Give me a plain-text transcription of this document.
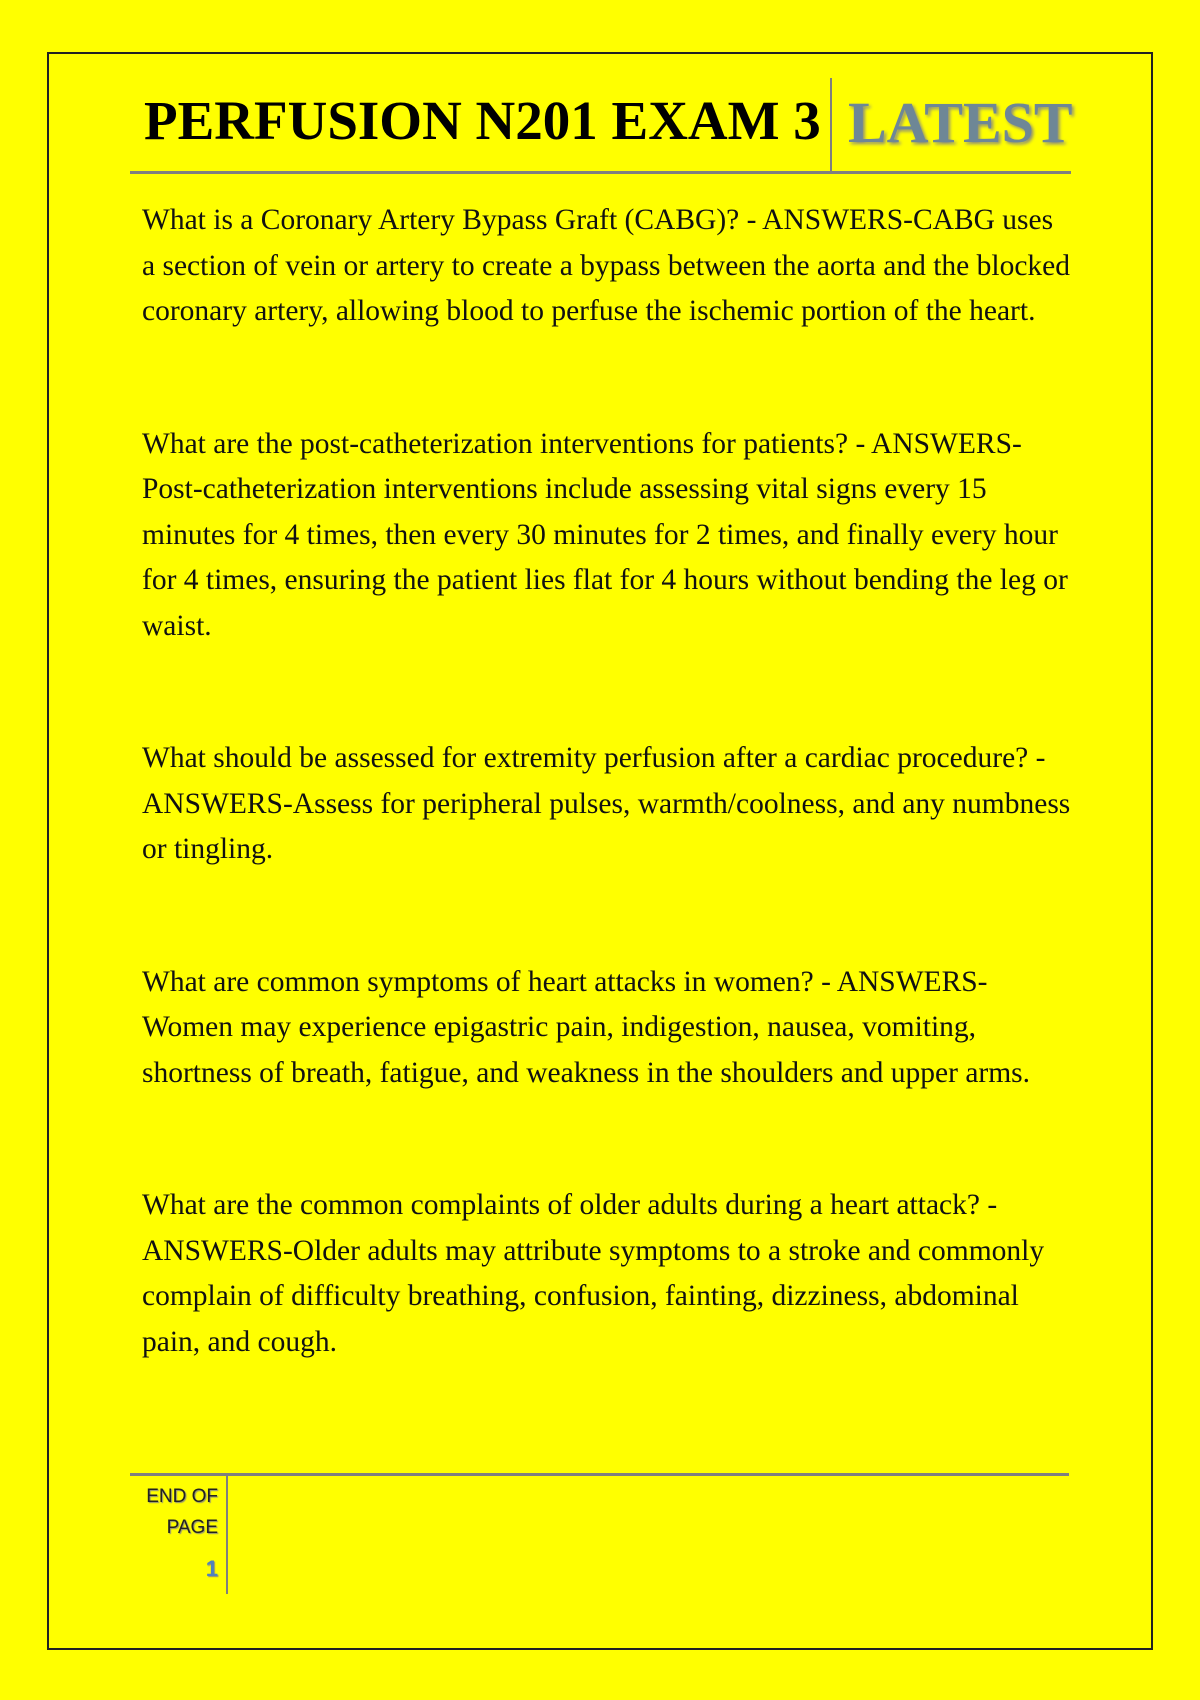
PERFUSION N201 EXAM 3 LATEST

What is a Coronary Artery Bypass Graft (CABG)? - ANSWERS-CABG uses a section of vein or artery to create a bypass between the aorta and the blocked coronary artery, allowing blood to perfuse the ischemic portion of the heart.

What are the post-catheterization interventions for patients? - ANSWERS-Post-catheterization interventions include assessing vital signs every 15 minutes for 4 times, then every 30 minutes for 2 times, and finally every hour for 4 times, ensuring the patient lies flat for 4 hours without bending the leg or waist.

What should be assessed for extremity perfusion after a cardiac procedure? - ANSWERS-Assess for peripheral pulses, warmth/coolness, and any numbness or tingling.

What are common symptoms of heart attacks in women? - ANSWERS-Women may experience epigastric pain, indigestion, nausea, vomiting, shortness of breath, fatigue, and weakness in the shoulders and upper arms.

What are the common complaints of older adults during a heart attack? - ANSWERS-Older adults may attribute symptoms to a stroke and commonly complain of difficulty breathing, confusion, fainting, dizziness, abdominal pain, and cough.

END OF
PAGE
1
